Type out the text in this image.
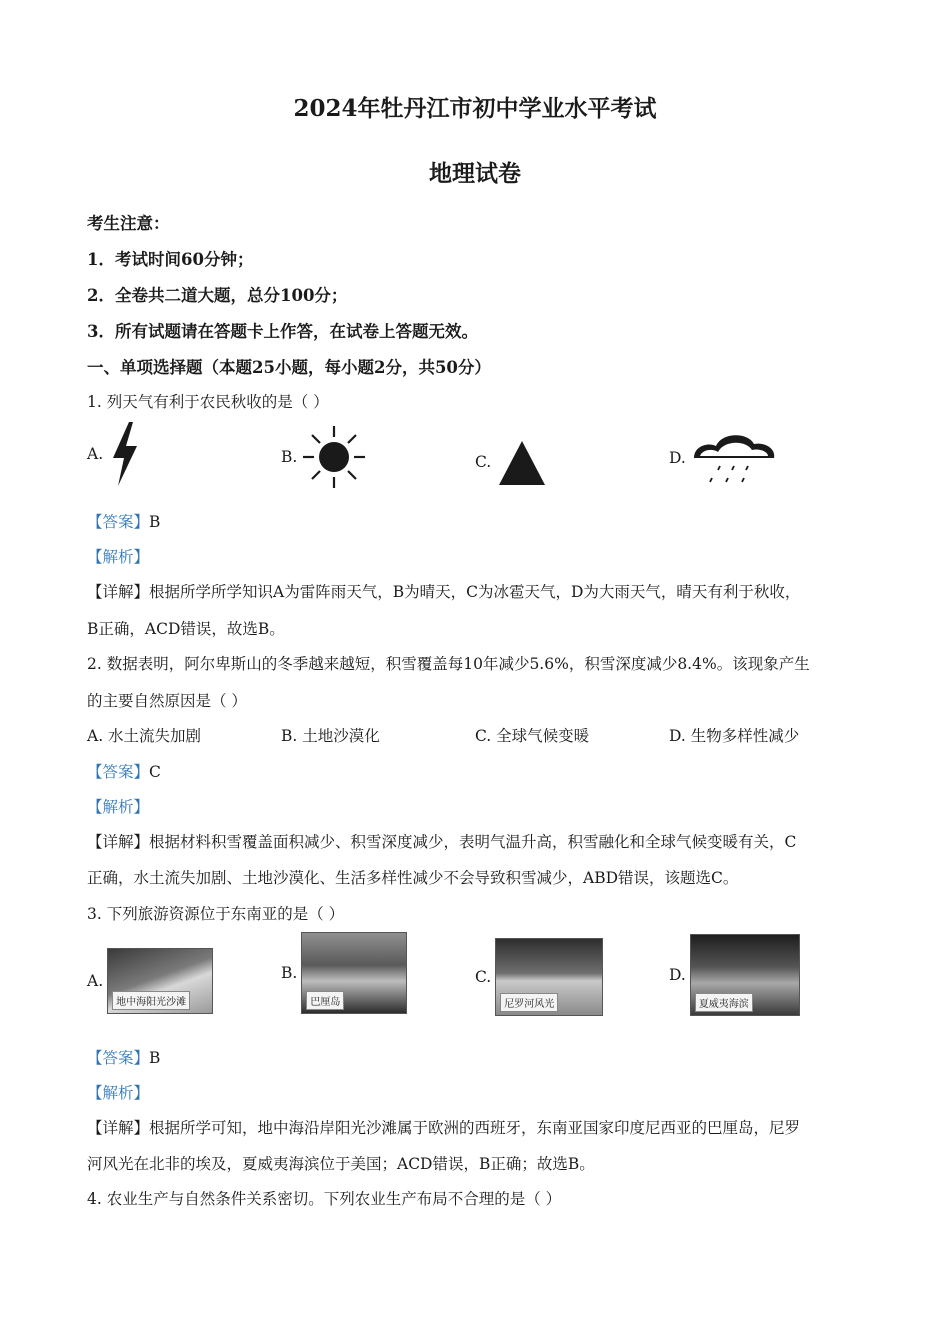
2024年牡丹江市初中学业水平考试
地理试卷
考生注意：
1．考试时间60分钟；
2．全卷共二道大题，总分100分；
3．所有试题请在答题卡上作答，在试卷上答题无效。
一、单项选择题（本题25小题，每小题2分，共50分）
1. 列天气有利于农民秋收的是（ ）
A.	B.	C.	D.
【答案】B
【解析】
【详解】根据所学所学知识A为雷阵雨天气，B为晴天，C为冰雹天气，D为大雨天气，晴天有利于秋收，
B正确，ACD错误，故选B。
2. 数据表明，阿尔卑斯山的冬季越来越短，积雪覆盖每10年减少5.6%，积雪深度减少8.4%。该现象产生
的主要自然原因是（ ）
A. 水土流失加剧	B. 土地沙漠化	C. 全球气候变暖	D. 生物多样性减少
【答案】C
【解析】
【详解】根据材料积雪覆盖面积减少、积雪深度减少，表明气温升高，积雪融化和全球气候变暖有关，C
正确，水土流失加剧、土地沙漠化、生活多样性减少不会导致积雪减少，ABD错误，该题选C。
3. 下列旅游资源位于东南亚的是（ ）
A.
地中海阳光沙滩
B.
巴厘岛
C.
尼罗河风光
D.
夏威夷海滨
【答案】B
【解析】
【详解】根据所学可知，地中海沿岸阳光沙滩属于欧洲的西班牙，东南亚国家印度尼西亚的巴厘岛，尼罗
河风光在北非的埃及，夏威夷海滨位于美国；ACD错误，B正确；故选B。
4. 农业生产与自然条件关系密切。下列农业生产布局不合理的是（ ）
